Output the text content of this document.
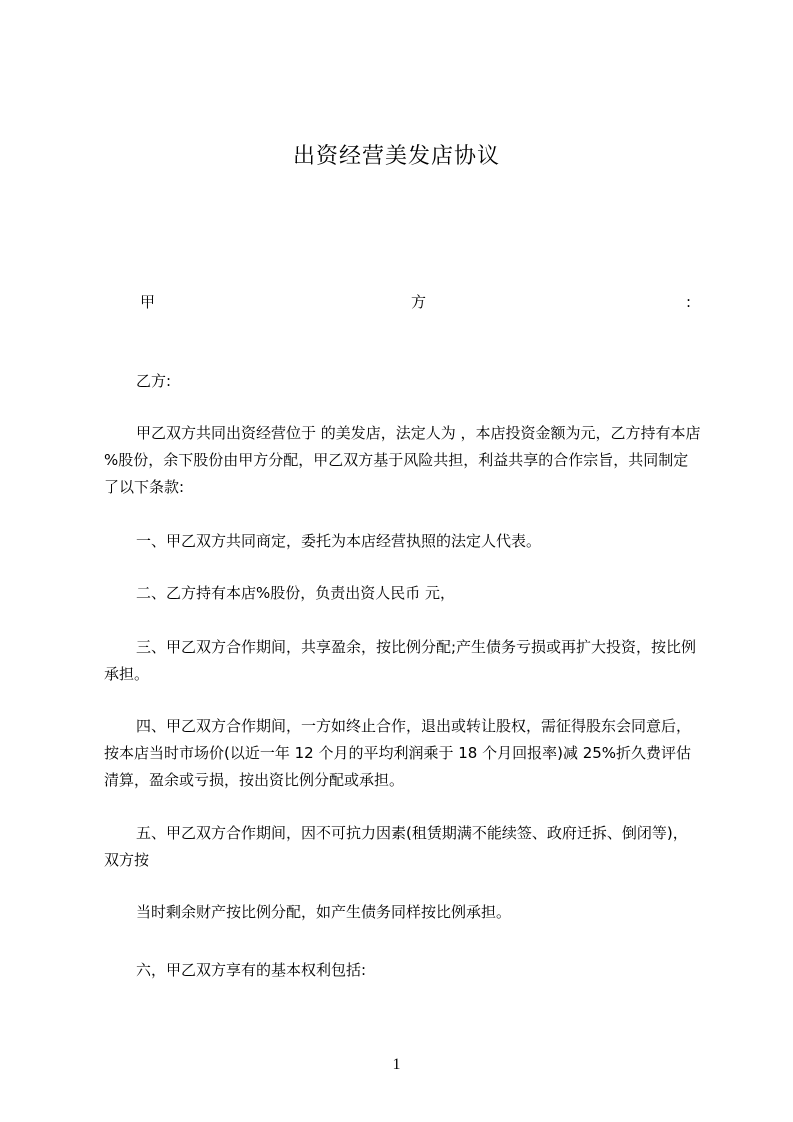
出资经营美发店协议
甲	方	:

乙方:

甲乙双方共同出资经营位于 的美发店，法定人为 ，本店投资金额为元，乙方持有本店 %股份，余下股份由甲方分配，甲乙双方基于风险共担，利益共享的合作宗旨，共同制定了以下条款:

一、甲乙双方共同商定，委托为本店经营执照的法定人代表。

二、乙方持有本店%股份，负责出资人民币 元，

三、甲乙双方合作期间，共享盈余，按比例分配;产生债务亏损或再扩大投资，按比例承担。

四、甲乙双方合作期间，一方如终止合作，退出或转让股权，需征得股东会同意后，按本店当时市场价(以近一年 12 个月的平均利润乘于 18 个月回报率)减 25%折久费评估清算，盈余或亏损，按出资比例分配或承担。

五、甲乙双方合作期间，因不可抗力因素(租赁期满不能续签、政府迁拆、倒闭等)，双方按

当时剩余财产按比例分配，如产生债务同样按比例承担。

六，甲乙双方享有的基本权利包括:

1
